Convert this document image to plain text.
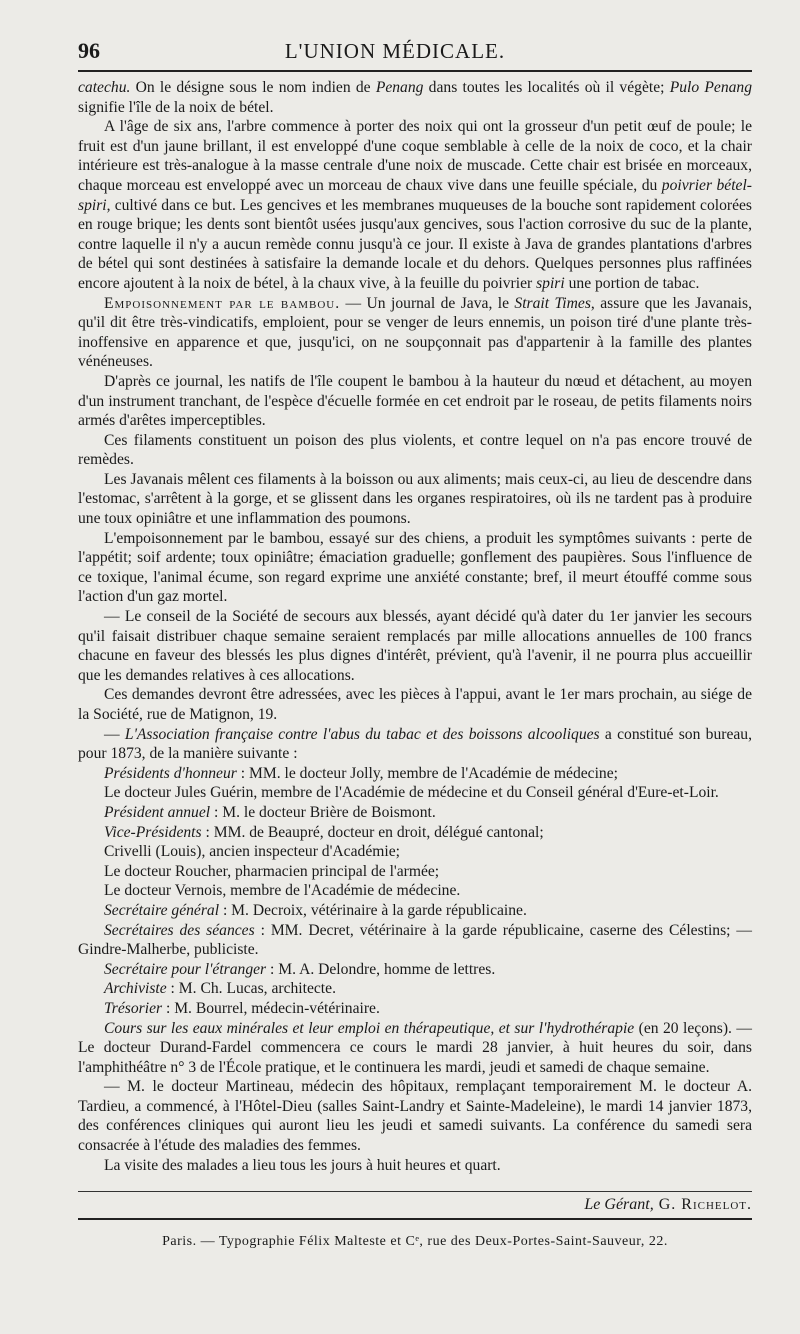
96	L'UNION MÉDICALE.

catechu. On le désigne sous le nom indien de Penang dans toutes les localités où il végète; Pulo Penang signifie l'île de la noix de bétel.

A l'âge de six ans, l'arbre commence à porter des noix qui ont la grosseur d'un petit œuf de poule; le fruit est d'un jaune brillant, il est enveloppé d'une coque semblable à celle de la noix de coco, et la chair intérieure est très-analogue à la masse centrale d'une noix de muscade. Cette chair est brisée en morceaux, chaque morceau est enveloppé avec un morceau de chaux vive dans une feuille spéciale, du poivrier bétel-spiri, cultivé dans ce but. Les gencives et les membranes muqueuses de la bouche sont rapidement colorées en rouge brique; les dents sont bientôt usées jusqu'aux gencives, sous l'action corrosive du suc de la plante, contre laquelle il n'y a aucun remède connu jusqu'à ce jour. Il existe à Java de grandes plantations d'arbres de bétel qui sont destinées à satisfaire la demande locale et du dehors. Quelques personnes plus raffinées encore ajoutent à la noix de bétel, à la chaux vive, à la feuille du poivrier spiri une portion de tabac.

Empoisonnement par le bambou. — Un journal de Java, le Strait Times, assure que les Javanais, qu'il dit être très-vindicatifs, emploient, pour se venger de leurs ennemis, un poison tiré d'une plante très-inoffensive en apparence et que, jusqu'ici, on ne soupçonnait pas d'appartenir à la famille des plantes vénéneuses.

D'après ce journal, les natifs de l'île coupent le bambou à la hauteur du nœud et détachent, au moyen d'un instrument tranchant, de l'espèce d'écuelle formée en cet endroit par le roseau, de petits filaments noirs armés d'arêtes imperceptibles.

Ces filaments constituent un poison des plus violents, et contre lequel on n'a pas encore trouvé de remèdes.

Les Javanais mêlent ces filaments à la boisson ou aux aliments; mais ceux-ci, au lieu de descendre dans l'estomac, s'arrêtent à la gorge, et se glissent dans les organes respiratoires, où ils ne tardent pas à produire une toux opiniâtre et une inflammation des poumons.

L'empoisonnement par le bambou, essayé sur des chiens, a produit les symptômes suivants : perte de l'appétit; soif ardente; toux opiniâtre; émaciation graduelle; gonflement des paupières. Sous l'influence de ce toxique, l'animal écume, son regard exprime une anxiété constante; bref, il meurt étouffé comme sous l'action d'un gaz mortel.

— Le conseil de la Société de secours aux blessés, ayant décidé qu'à dater du 1er janvier les secours qu'il faisait distribuer chaque semaine seraient remplacés par mille allocations annuelles de 100 francs chacune en faveur des blessés les plus dignes d'intérêt, prévient, qu'à l'avenir, il ne pourra plus accueillir que les demandes relatives à ces allocations.

Ces demandes devront être adressées, avec les pièces à l'appui, avant le 1er mars prochain, au siége de la Société, rue de Matignon, 19.

— L'Association française contre l'abus du tabac et des boissons alcooliques a constitué son bureau, pour 1873, de la manière suivante :

Présidents d'honneur : MM. le docteur Jolly, membre de l'Académie de médecine;

Le docteur Jules Guérin, membre de l'Académie de médecine et du Conseil général d'Eure-et-Loir.

Président annuel : M. le docteur Brière de Boismont.

Vice-Présidents : MM. de Beaupré, docteur en droit, délégué cantonal;

Crivelli (Louis), ancien inspecteur d'Académie;

Le docteur Roucher, pharmacien principal de l'armée;

Le docteur Vernois, membre de l'Académie de médecine.

Secrétaire général : M. Decroix, vétérinaire à la garde républicaine.

Secrétaires des séances : MM. Decret, vétérinaire à la garde républicaine, caserne des Célestins; — Gindre-Malherbe, publiciste.

Secrétaire pour l'étranger : M. A. Delondre, homme de lettres.

Archiviste : M. Ch. Lucas, architecte.

Trésorier : M. Bourrel, médecin-vétérinaire.

Cours sur les eaux minérales et leur emploi en thérapeutique, et sur l'hydrothérapie (en 20 leçons). — Le docteur Durand-Fardel commencera ce cours le mardi 28 janvier, à huit heures du soir, dans l'amphithéâtre n° 3 de l'École pratique, et le continuera les mardi, jeudi et samedi de chaque semaine.

— M. le docteur Martineau, médecin des hôpitaux, remplaçant temporairement M. le docteur A. Tardieu, a commencé, à l'Hôtel-Dieu (salles Saint-Landry et Sainte-Madeleine), le mardi 14 janvier 1873, des conférences cliniques qui auront lieu les jeudi et samedi suivants. La conférence du samedi sera consacrée à l'étude des maladies des femmes.

La visite des malades a lieu tous les jours à huit heures et quart.

Le Gérant, G. Richelot.
Paris. — Typographie Félix Malteste et Cᵉ, rue des Deux-Portes-Saint-Sauveur, 22.
